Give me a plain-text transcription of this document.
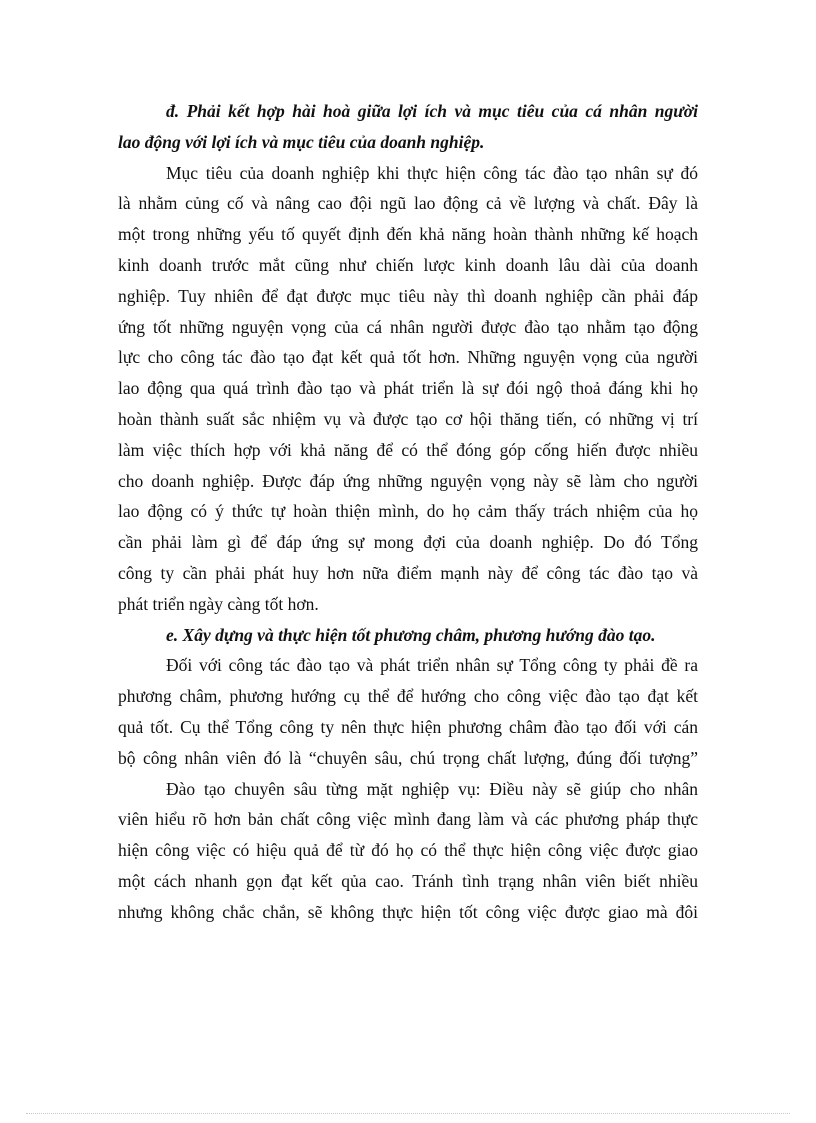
đ. Phải kết hợp hài hoà giữa lợi ích và mục tiêu của cá nhân người
lao động với lợi ích và mục tiêu của doanh nghiệp.
Mục tiêu của doanh nghiệp khi thực hiện công tác đào tạo nhân sự đó
là nhằm củng cố và nâng cao đội ngũ lao động cả về lượng và chất. Đây là
một trong những yếu tố quyết định đến khả năng hoàn thành những kế hoạch
kinh doanh trước mắt cũng như chiến lược kinh doanh lâu dài của doanh
nghiệp. Tuy nhiên để đạt được mục tiêu này thì doanh nghiệp cần phải đáp
ứng tốt những nguyện vọng của cá nhân người được đào tạo nhằm tạo động
lực cho công tác đào tạo đạt kết quả tốt hơn. Những nguyện vọng của người
lao động qua quá trình đào tạo và phát triển là sự đói ngộ thoả đáng khi họ
hoàn thành suất sắc nhiệm vụ và được tạo cơ hội thăng tiến, có những vị trí
làm việc thích hợp với khả năng để có thể đóng góp cống hiến được nhiều
cho doanh nghiệp. Được đáp ứng những nguyện vọng này sẽ làm cho người
lao động có ý thức tự hoàn thiện mình, do họ cảm thấy trách nhiệm của họ
cần phải làm gì để đáp ứng sự mong đợi của doanh nghiệp. Do đó Tổng
công ty cần phải phát huy hơn nữa điểm mạnh này để công tác đào tạo và
phát triển ngày càng tốt hơn.
e. Xây dựng và thực hiện tốt phương châm, phương hướng đào tạo.
Đối với công tác đào tạo và phát triển nhân sự Tổng công ty phải đề ra
phương châm, phương hướng cụ thể để hướng cho công việc đào tạo đạt kết
quả tốt. Cụ thể Tổng công ty nên thực hiện phương châm đào tạo đối với cán
bộ công nhân viên đó là “chuyên sâu, chú trọng chất lượng, đúng đối tượng”
Đào tạo chuyên sâu từng mặt nghiệp vụ: Điều này sẽ giúp cho nhân
viên hiểu rõ hơn bản chất công việc mình đang làm và các phương pháp thực
hiện công việc có hiệu quả để từ đó họ có thể thực hiện công việc được giao
một cách nhanh gọn đạt kết qủa cao. Tránh tình trạng nhân viên biết nhiều
nhưng không chắc chắn, sẽ không thực hiện tốt công việc được giao mà đôi
